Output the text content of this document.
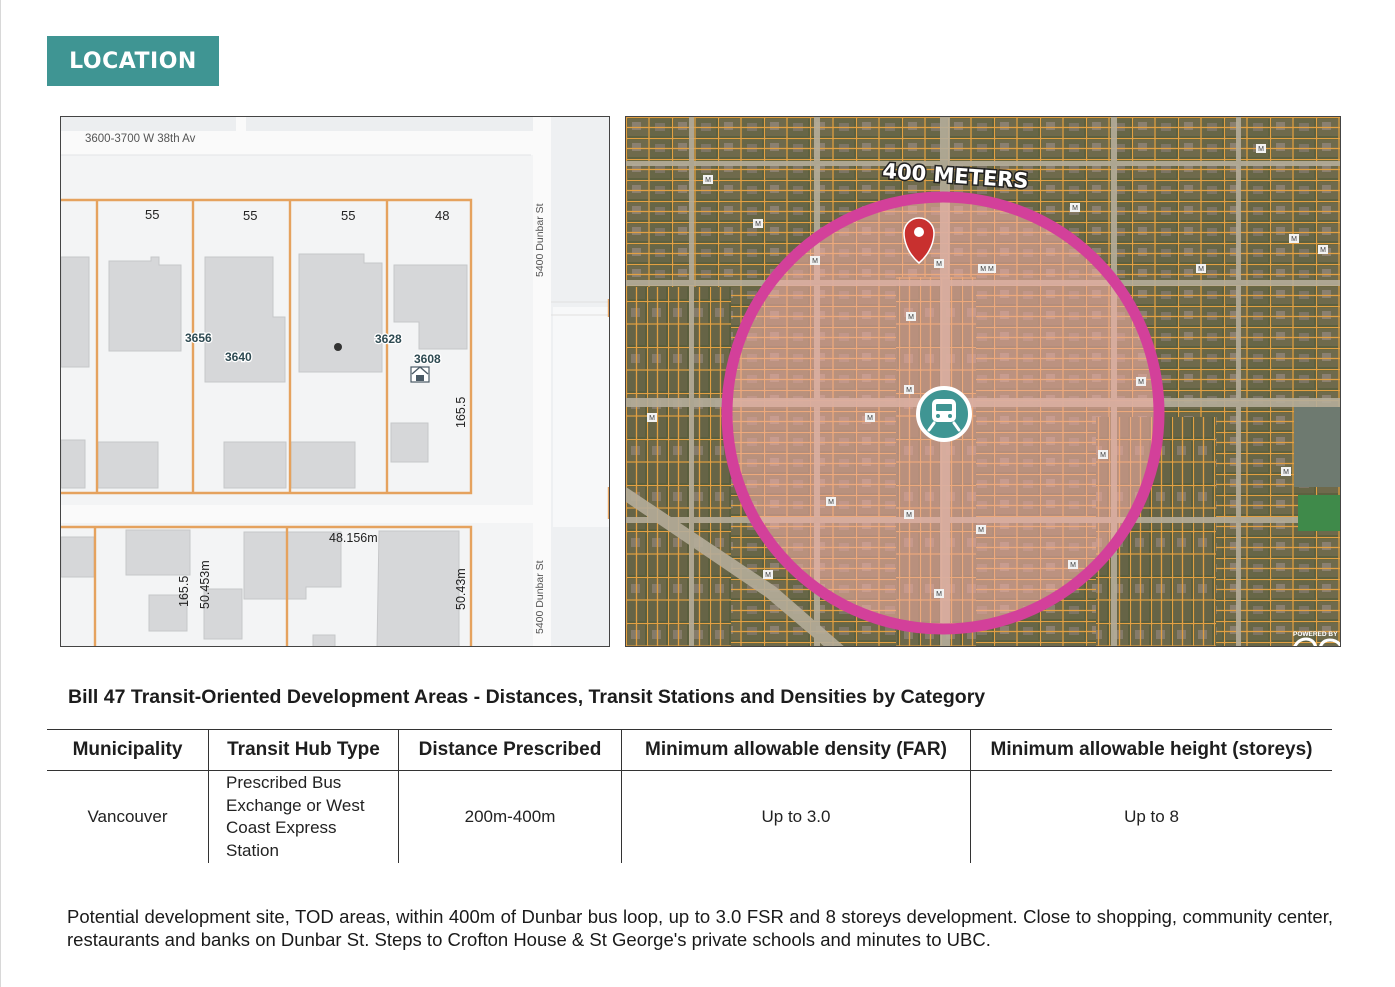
LOCATION
3600-3700 W 38th Av
5400 Dunbar St
5400 Dunbar St
55	55	55	48
3656
3640
3628
3608
165.5
48.156m
165.5 50.453m	50.43m
M
M
M	M
M M
M
M
M
M
M
M
M
M
M	M
M
M
M
M
M
M
M
M
400 METERS
POWERED BY
Bill 47 Transit-Oriented Development Areas - Distances, Transit Stations and Densities by Category
Municipality	Transit Hub Type	Distance Prescribed	Minimum allowable density (FAR)	Minimum allowable height (storeys)
Vancouver	Prescribed Bus
Exchange or West
Coast Express
Station	200m-400m	Up to 3.0	Up to 8
Potential development site, TOD areas, within 400m of Dunbar bus loop, up to 3.0 FSR and 8 storeys development. Close to shopping, community center, restaurants and banks on Dunbar St. Steps to Crofton House & St George's private schools and minutes to UBC.
